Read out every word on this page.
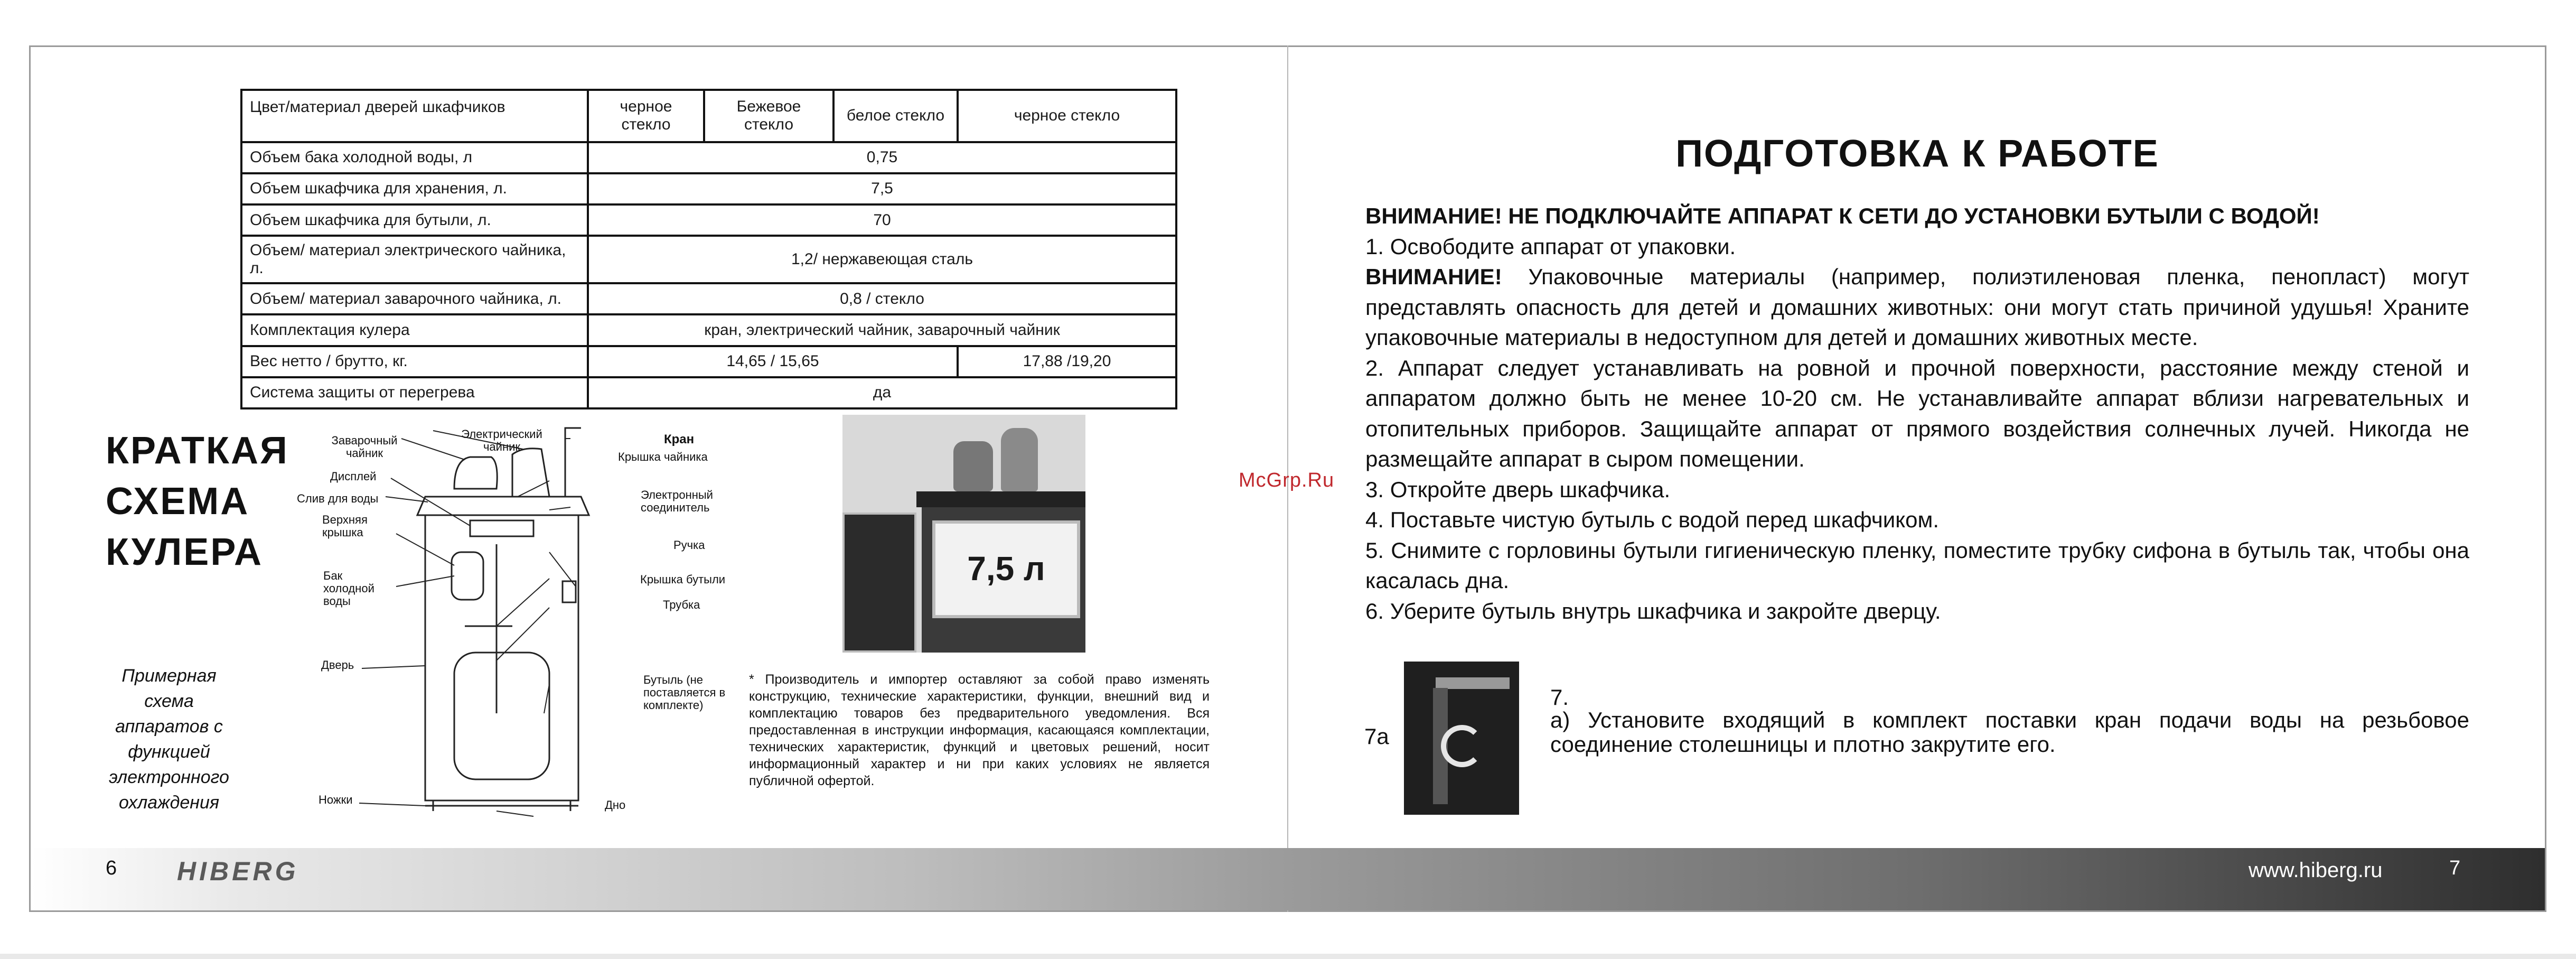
Цвет/материал дверей шкафчиков	черное стекло	Бежевое стекло	белое стекло	черное стекло
Объем бака холодной воды, л	0,75			
Объем шкафчика для хранения, л.	7,5			
Объем шкафчика для бутыли, л.	70			
Объем/ материал электрического чайника, л.	1,2/ нержавеющая сталь			
Объем/ материал заварочного чайника, л.	0,8 / стекло			
Комплектация кулера	кран, электрический чайник, заварочный чайник			
Вес нетто / брутто, кг.	14,65 / 15,65			17,88 /19,20
Система защиты от перегрева	да			
КРАТКАЯ
СХЕМА
КУЛЕРА
Примерная схема аппаратов с функцией электронного охлаждения
Заварочный чайник
Электрический чайник
Кран
Крышка чайника
Дисплей
Слив для воды	Электронный соединитель
Верхняя крышка
Ручка
Бак холодной воды
Крышка бутыли
Трубка
Дверь
Бутыль (не поставляется в комплекте)
Ножки	Дно
7,5 л
* Производитель и импортер оставляют за собой право изменять конструкцию, технические характеристики, функции, внешний вид и комплектацию товаров без предварительного уведомления. Вся предоставленная в инструкции информация, касающаяся комплектации, технических характеристик, функций и цветовых решений, носит информационный характер и ни при каких условиях не является публичной офертой.
ПОДГОТОВКА К РАБОТЕ

ВНИМАНИЕ! НЕ ПОДКЛЮЧАЙТЕ АППАРАТ К СЕТИ ДО УСТАНОВКИ БУТЫЛИ С ВОДОЙ!

1. Освободите аппарат от упаковки.

ВНИМАНИЕ! Упаковочные материалы (например, полиэтиленовая пленка, пенопласт) могут представлять опасность для детей и домашних животных: они могут стать причиной удушья! Храните упаковочные материалы в недоступном для детей и домашних животных месте.

2. Аппарат следует устанавливать на ровной и прочной поверхности, расстояние между стеной и аппаратом должно быть не менее 10-20 см. Не устанавливайте аппарат вблизи нагревательных и отопительных приборов. Защищайте аппарат от прямого воздействия солнечных лучей. Никогда не размещайте аппарат в сыром помещении.

3. Откройте дверь шкафчика.

4. Поставьте чистую бутыль с водой перед шкафчиком.

5. Снимите с горловины бутыли гигиеническую пленку, поместите трубку сифона в бутыль так, чтобы она касалась дна.

6. Уберите бутыль внутрь шкафчика и закройте дверцу.

7а
7.
а) Установите входящий в комплект поставки кран подачи воды на резьбовое соединение столешницы и плотно закрутите его.
McGrp.Ru
6 HIBERG	www.hiberg.ru	7
